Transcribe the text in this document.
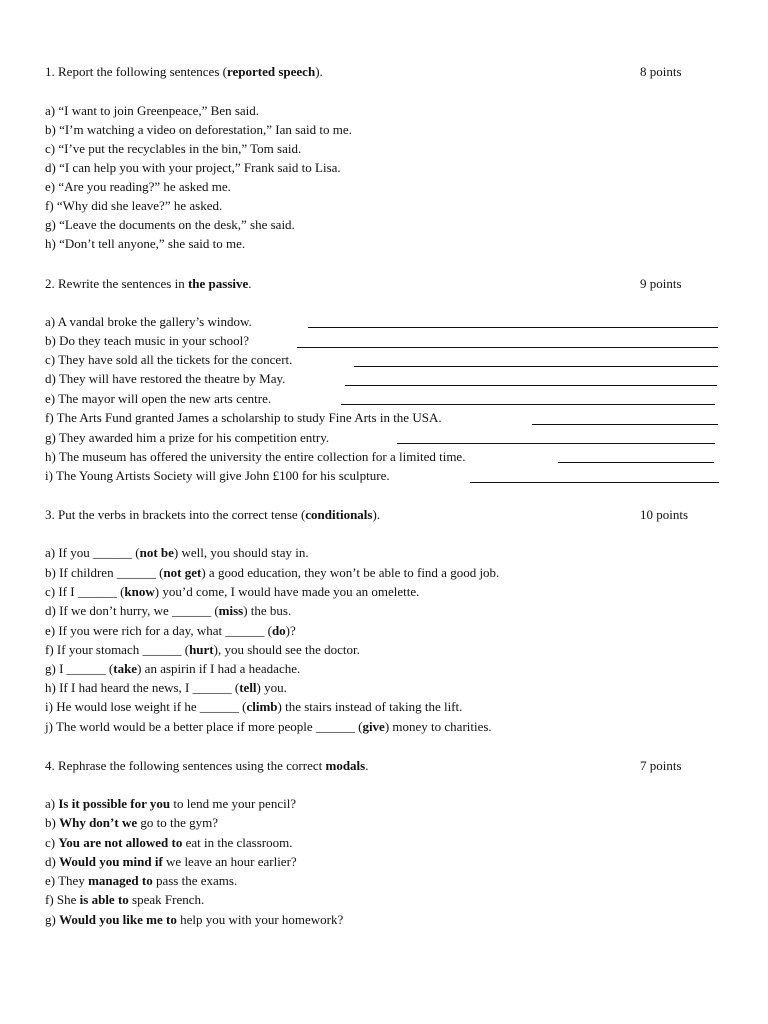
1. Report the following sentences (reported speech).	8 points
a) “I want to join Greenpeace,” Ben said.
b) “I’m watching a video on deforestation,” Ian said to me.
c) “I’ve put the recyclables in the bin,” Tom said.
d) “I can help you with your project,” Frank said to Lisa.
e) “Are you reading?” he asked me.
f) “Why did she leave?” he asked.
g) “Leave the documents on the desk,” she said.
h) “Don’t tell anyone,” she said to me.
2. Rewrite the sentences in the passive.	9 points
a) A vandal broke the gallery’s window.
b) Do they teach music in your school?
c) They have sold all the tickets for the concert.
d) They will have restored the theatre by May.
e) The mayor will open the new arts centre.
f) The Arts Fund granted James a scholarship to study Fine Arts in the USA.
g) They awarded him a prize for his competition entry.
h) The museum has offered the university the entire collection for a limited time.
i) The Young Artists Society will give John £100 for his sculpture.
3. Put the verbs in brackets into the correct tense (conditionals).	10 points
a) If you ______ (not be) well, you should stay in.
b) If children ______ (not get) a good education, they won’t be able to find a good job.
c) If I ______ (know) you’d come, I would have made you an omelette.
d) If we don’t hurry, we ______ (miss) the bus.
e) If you were rich for a day, what ______ (do)?
f) If your stomach ______ (hurt), you should see the doctor.
g) I ______ (take) an aspirin if I had a headache.
h) If I had heard the news, I ______ (tell) you.
i) He would lose weight if he ______ (climb) the stairs instead of taking the lift.
j) The world would be a better place if more people ______ (give) money to charities.
4. Rephrase the following sentences using the correct modals.	7 points
a) Is it possible for you to lend me your pencil?
b) Why don’t we go to the gym?
c) You are not allowed to eat in the classroom.
d) Would you mind if we leave an hour earlier?
e) They managed to pass the exams.
f) She is able to speak French.
g) Would you like me to help you with your homework?
